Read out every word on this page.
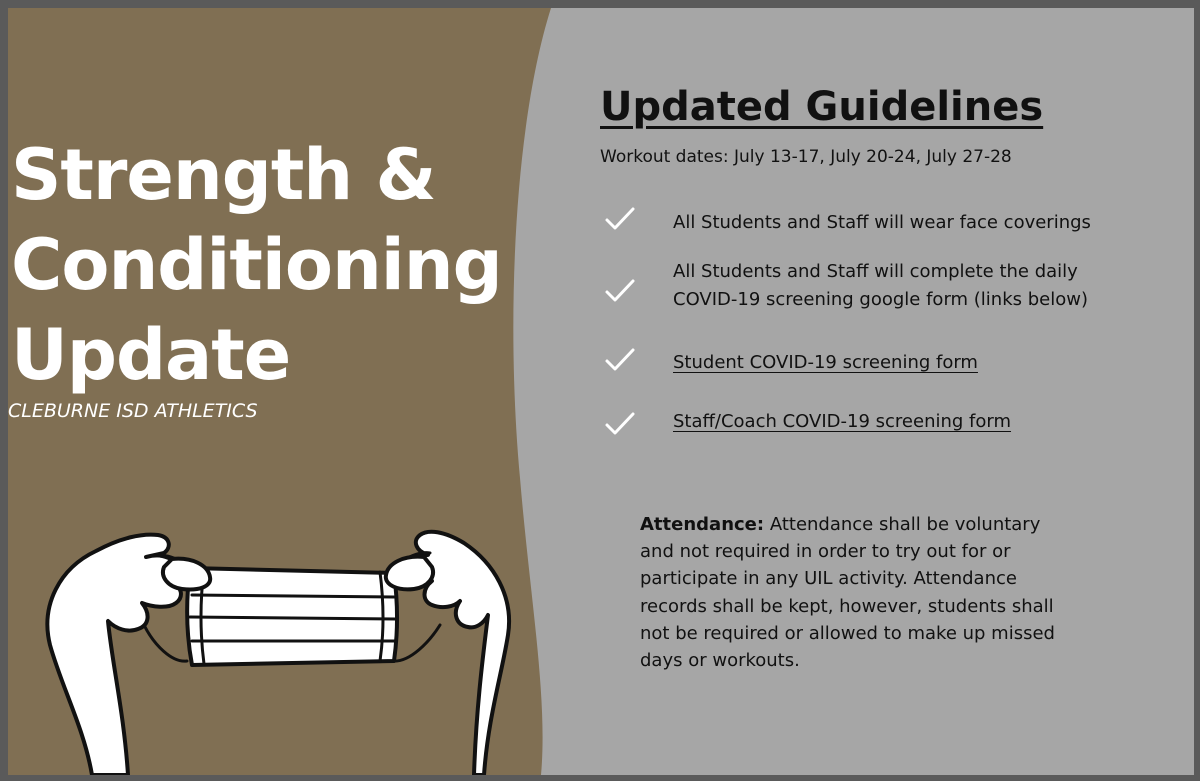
Strength &
Conditioning
Update
CLEBURNE ISD ATHLETICS
Updated Guidelines
Workout dates: July 13-17, July 20-24, July 27-28
All Students and Staff will wear face coverings
All Students and Staff will complete the daily
COVID-19 screening google form (links below)
Student COVID-19 screening form
Staff/Coach COVID-19 screening form
Attendance: Attendance shall be voluntary and not required in order to try out for or participate in any UIL activity. Attendance records shall be kept, however, students shall not be required or allowed to make up missed days or workouts.
